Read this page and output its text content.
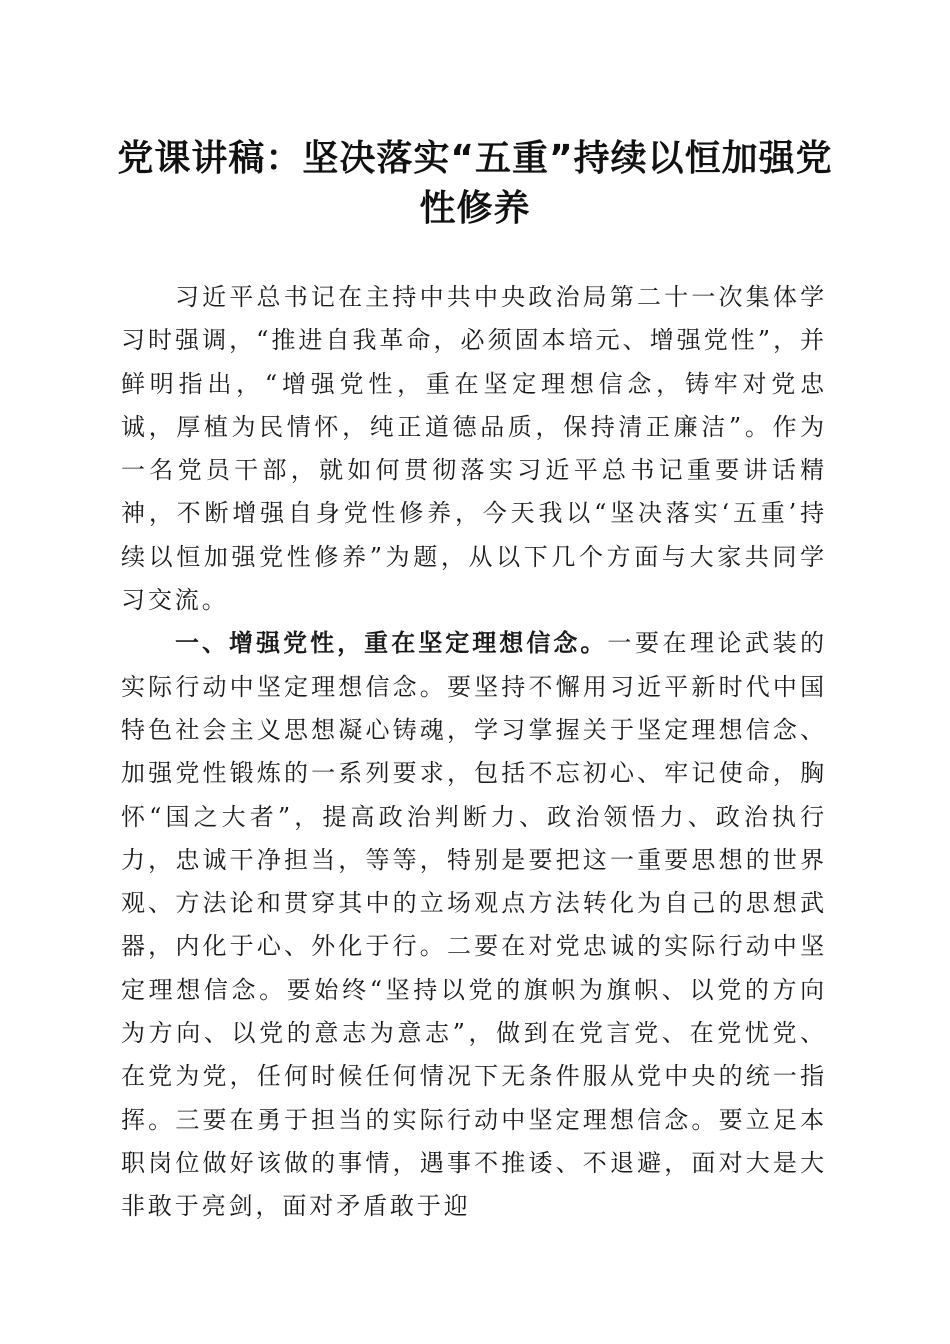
党课讲稿：坚决落实“五重”持续以恒加强党性修养

习近平总书记在主持中共中央政治局第二十一次集体学习时强调，“推进自我革命，必须固本培元、增强党性”，并鲜明指出，“增强党性，重在坚定理想信念，铸牢对党忠诚，厚植为民情怀，纯正道德品质，保持清正廉洁”。作为一名党员干部，就如何贯彻落实习近平总书记重要讲话精神，不断增强自身党性修养，今天我以“坚决落实‘五重’持续以恒加强党性修养”为题，从以下几个方面与大家共同学习交流。

一、增强党性，重在坚定理想信念。一要在理论武装的实际行动中坚定理想信念。要坚持不懈用习近平新时代中国特色社会主义思想凝心铸魂，学习掌握关于坚定理想信念、加强党性锻炼的一系列要求，包括不忘初心、牢记使命，胸怀“国之大者”，提高政治判断力、政治领悟力、政治执行力，忠诚干净担当，等等，特别是要把这一重要思想的世界观、方法论和贯穿其中的立场观点方法转化为自己的思想武器，内化于心、外化于行。二要在对党忠诚的实际行动中坚定理想信念。要始终“坚持以党的旗帜为旗帜、以党的方向为方向、以党的意志为意志”，做到在党言党、在党忧党、在党为党，任何时候任何情况下无条件服从党中央的统一指挥。三要在勇于担当的实际行动中坚定理想信念。要立足本职岗位做好该做的事情，遇事不推诿、不退避，面对大是大非敢于亮剑，面对矛盾敢于迎
